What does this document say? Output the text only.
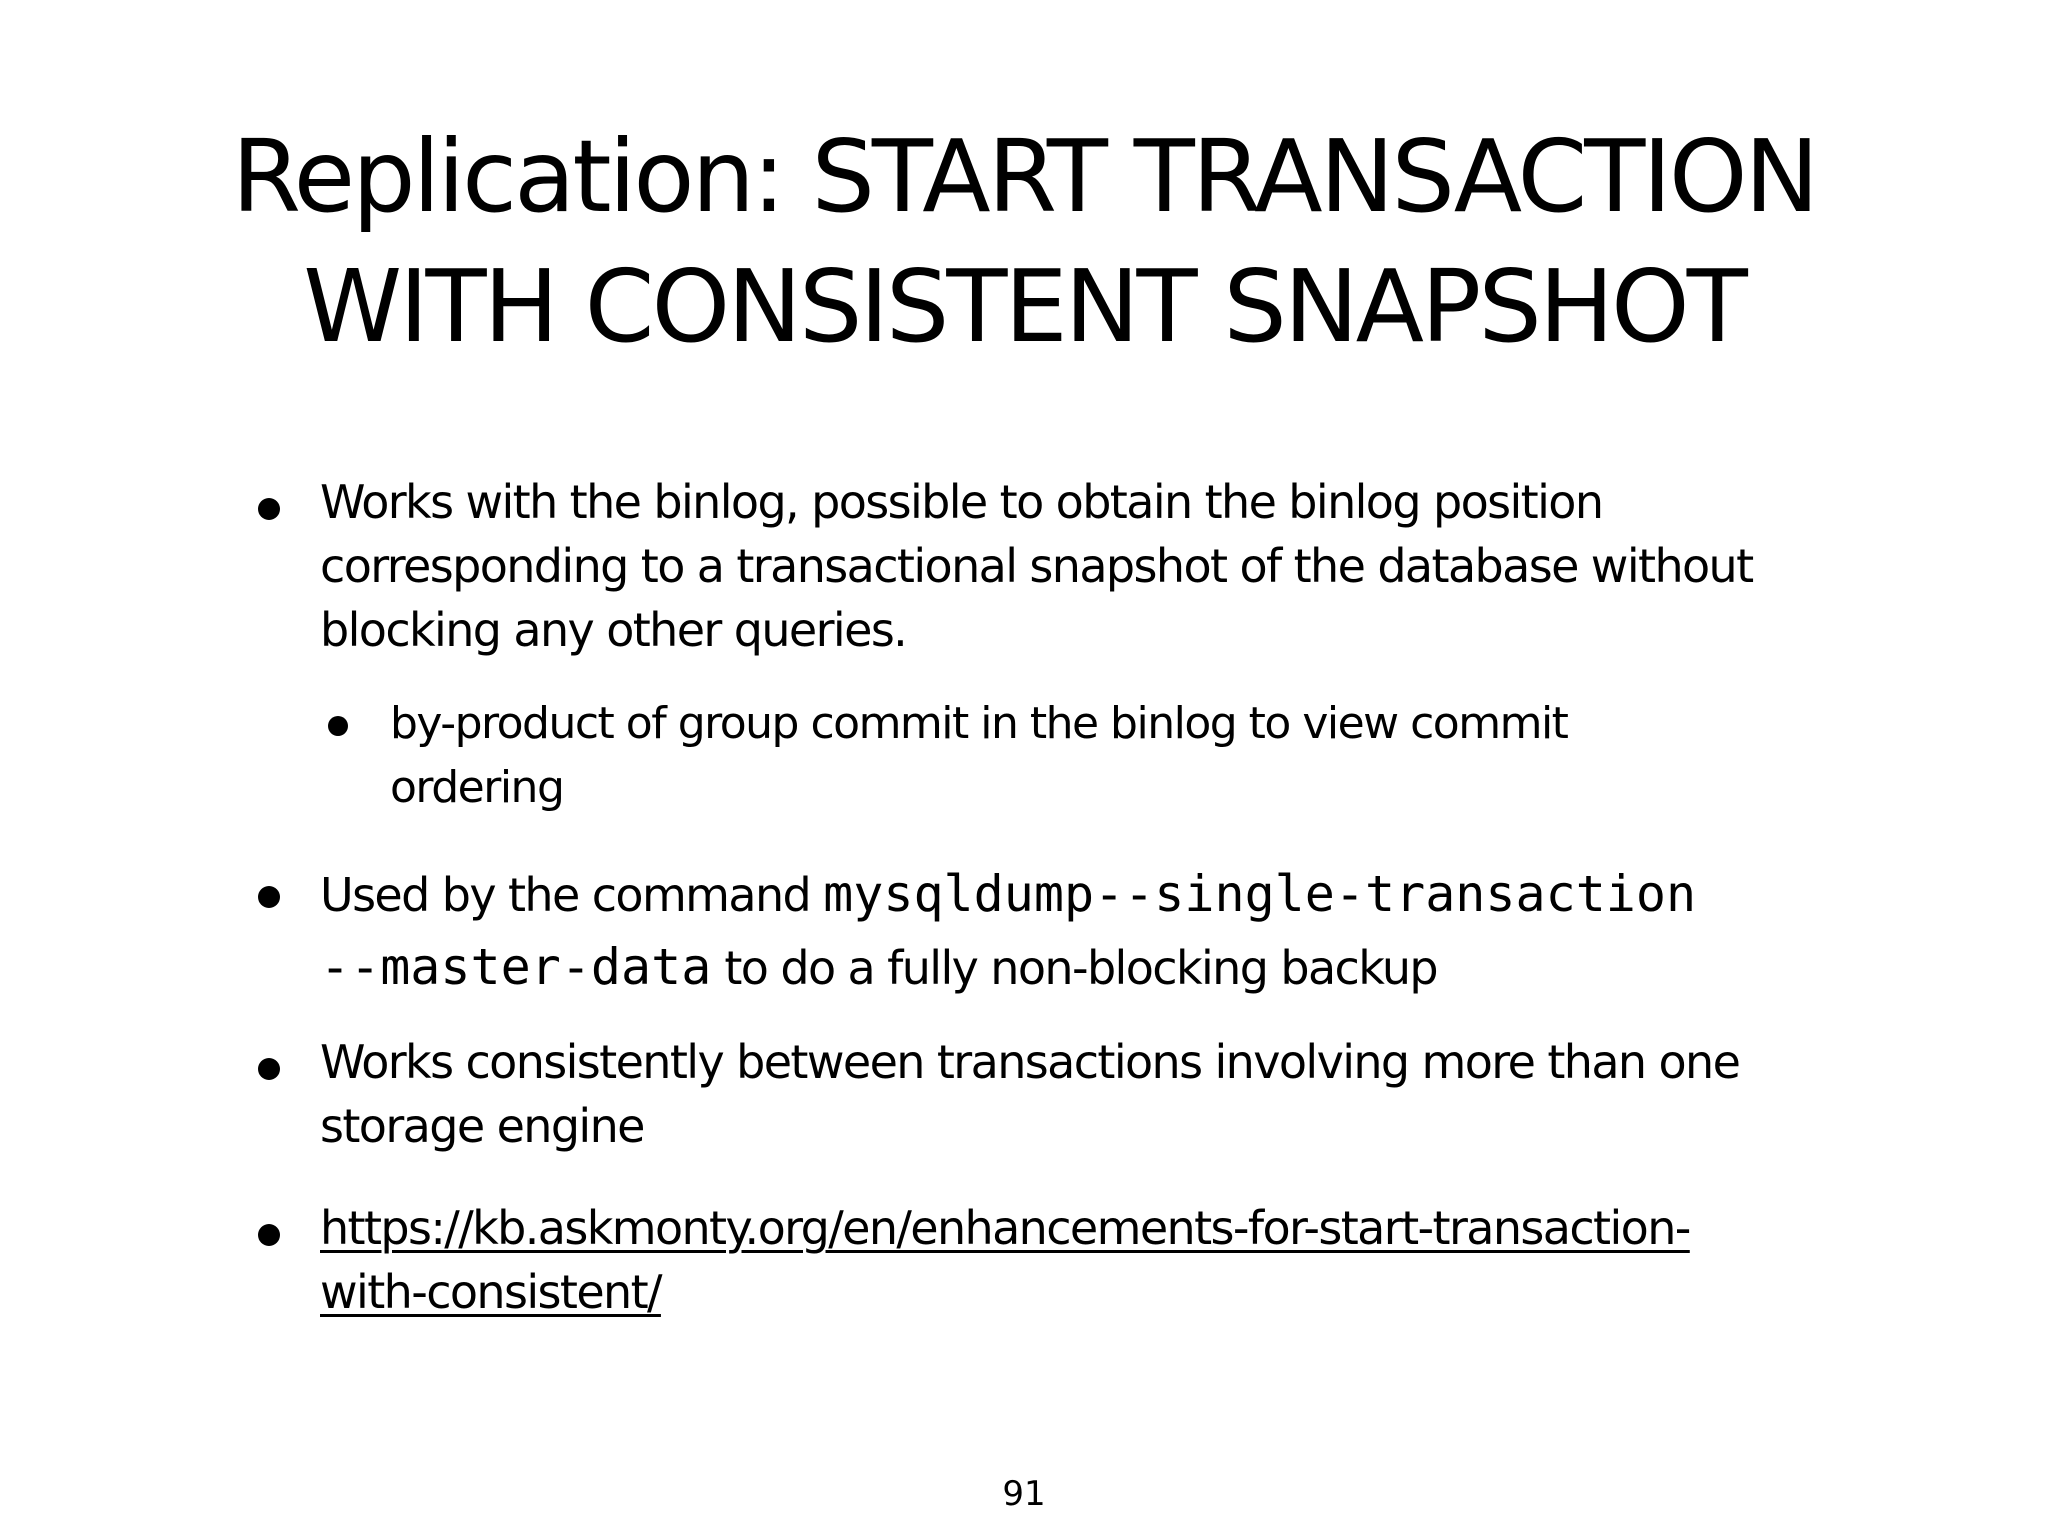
Replication: START TRANSACTION
WITH CONSISTENT SNAPSHOT
Works with the binlog, possible to obtain the binlog position
corresponding to a transactional snapshot of the database without
blocking any other queries.
by-product of group commit in the binlog to view commit
ordering
Used by the command mysqldump--single-transaction
--master-data to do a fully non-blocking backup
Works consistently between transactions involving more than one
storage engine
https://kb.askmonty.org/en/enhancements-for-start-transaction-
with-consistent/
91
